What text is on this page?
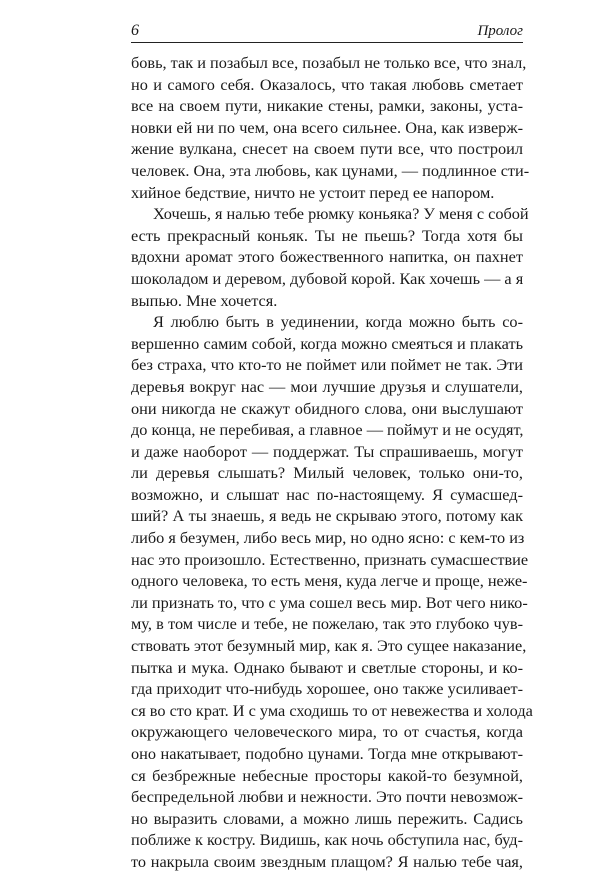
6	Пролог
бовь, так и позабыл все, позабыл не только все, что знал,
но и самого себя. Оказалось, что такая любовь сметает
все на своем пути, никакие стены, рамки, законы, уста-
новки ей ни по чем, она всего сильнее. Она, как изверж-
жение вулкана, снесет на своем пути все, что построил
человек. Она, эта любовь, как цунами, — подлинное сти-
хийное бедствие, ничто не устоит перед ее напором.
Хочешь, я налью тебе рюмку коньяка? У меня с собой
есть прекрасный коньяк. Ты не пьешь? Тогда хотя бы
вдохни аромат этого божественного напитка, он пахнет
шоколадом и деревом, дубовой корой. Как хочешь — а я
выпью. Мне хочется.
Я люблю быть в уединении, когда можно быть со-
вершенно самим собой, когда можно смеяться и плакать
без страха, что кто-то не поймет или поймет не так. Эти
деревья вокруг нас — мои лучшие друзья и слушатели,
они никогда не скажут обидного слова, они выслушают
до конца, не перебивая, а главное — поймут и не осудят,
и даже наоборот — поддержат. Ты спрашиваешь, могут
ли деревья слышать? Милый человек, только они-то,
возможно, и слышат нас по-настоящему. Я сумасшед-
ший? А ты знаешь, я ведь не скрываю этого, потому как
либо я безумен, либо весь мир, но одно ясно: с кем-то из
нас это произошло. Естественно, признать сумасшествие
одного человека, то есть меня, куда легче и проще, неже-
ли признать то, что с ума сошел весь мир. Вот чего нико-
му, в том числе и тебе, не пожелаю, так это глубоко чув-
ствовать этот безумный мир, как я. Это сущее наказание,
пытка и мука. Однако бывают и светлые стороны, и ко-
гда приходит что-нибудь хорошее, оно также усиливает-
ся во сто крат. И с ума сходишь то от невежества и холода
окружающего человеческого мира, то от счастья, когда
оно накатывает, подобно цунами. Тогда мне открывают-
ся безбрежные небесные просторы какой-то безумной,
беспредельной любви и нежности. Это почти невозмож-
но выразить словами, а можно лишь пережить. Садись
поближе к костру. Видишь, как ночь обступила нас, буд-
то накрыла своим звездным плащом? Я налью тебе чая,
